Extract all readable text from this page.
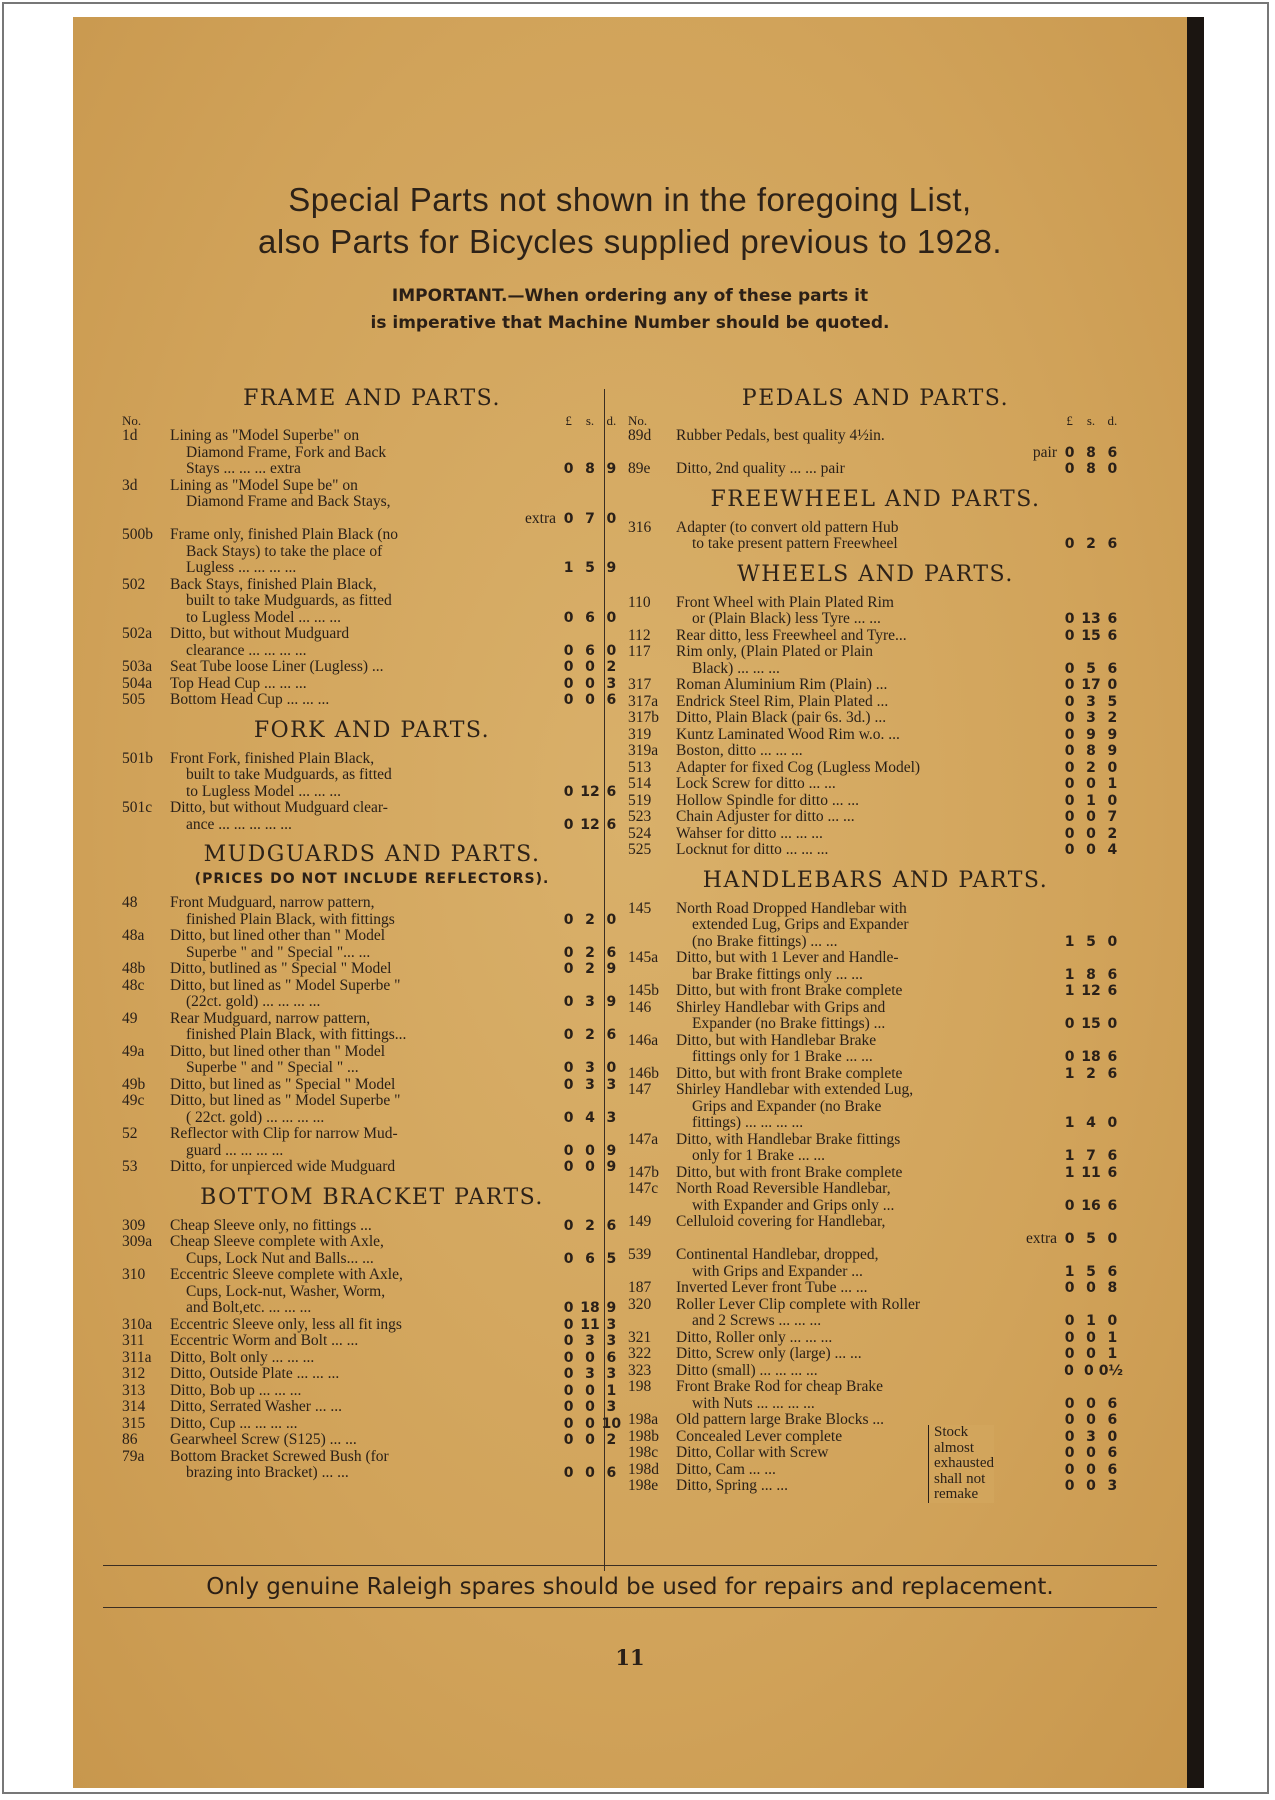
Special Parts not shown in the foregoing List,
also Parts for Bicycles supplied previous to 1928.
IMPORTANT.—When ordering any of these parts it
is imperative that Machine Number should be quoted.
FRAME AND PARTS.
No.	£	s. d.
1d	Lining as "Model Superbe" on
Diamond Frame, Fork and Back
Stays ... ... ... extra	0 8 9
3d	Lining as "Model Supe be" on
Diamond Frame and Back Stays,
extra 0 7 0
500b	Frame only, finished Plain Black (no
Back Stays) to take the place of
Lugless ... ... ... ...	1 5 9
502	Back Stays, finished Plain Black,
built to take Mudguards, as fitted
to Lugless Model ... ... ...	0 6 0
502a	Ditto, but without Mudguard
clearance ... ... ... ...	0 6 0
503a	Seat Tube loose Liner (Lugless) ...	0 0 2
504a	Top Head Cup ... ... ...	0 0 3
505	Bottom Head Cup ... ... ...	0 0 6
FORK AND PARTS.
501b	Front Fork, finished Plain Black,
built to take Mudguards, as fitted
to Lugless Model ... ... ...	0 12 6
501c	Ditto, but without Mudguard clear-
ance ... ... ... ... ...	0 12 6
MUDGUARDS AND PARTS.
(PRICES DO NOT INCLUDE REFLECTORS).
48	Front Mudguard, narrow pattern,
finished Plain Black, with fittings	0 2 0
48a	Ditto, but lined other than " Model
Superbe " and " Special "... ...	0 2 6
48b	Ditto, butlined as " Special " Model	0 2 9
48c	Ditto, but lined as " Model Superbe "
(22ct. gold) ... ... ... ...	0 3 9
49	Rear Mudguard, narrow pattern,
finished Plain Black, with fittings...	0 2 6
49a	Ditto, but lined other than " Model
Superbe " and " Special " ...	0 3 0
49b	Ditto, but lined as " Special " Model	0 3 3
49c	Ditto, but lined as " Model Superbe "
( 22ct. gold) ... ... ... ...	0 4 3
52	Reflector with Clip for narrow Mud-
guard ... ... ... ...	0 0 9
53	Ditto, for unpierced wide Mudguard	0 0 9
BOTTOM BRACKET PARTS.
309	Cheap Sleeve only, no fittings ...	0 2 6
309a	Cheap Sleeve complete with Axle,
Cups, Lock Nut and Balls... ...	0 6 5
310	Eccentric Sleeve complete with Axle,
Cups, Lock-nut, Washer, Worm,
and Bolt,etc. ... ... ...	0 18 9
310a	Eccentric Sleeve only, less all fit ings	0 11 3
311	Eccentric Worm and Bolt ... ...	0 3 3
311a	Ditto, Bolt only ... ... ...	0 0 6
312	Ditto, Outside Plate ... ... ...	0 3 3
313	Ditto, Bob up ... ... ...	0 0 1
314	Ditto, Serrated Washer ... ...	0 0 3
315	Ditto, Cup ... ... ... ...	0 0 10
86	Gearwheel Screw (S125) ... ...	0 0 2
79a	Bottom Bracket Screwed Bush (for
brazing into Bracket) ... ...	0 0 6
PEDALS AND PARTS.
No.	£	s. d.
89d	Rubber Pedals, best quality 4½in.
pair 0 8 6
89e	Ditto, 2nd quality ... ... pair	0 8 0
FREEWHEEL AND PARTS.
316	Adapter (to convert old pattern Hub
to take present pattern Freewheel	0 2 6
WHEELS AND PARTS.
110	Front Wheel with Plain Plated Rim
or (Plain Black) less Tyre ... ...	0 13 6
112	Rear ditto, less Freewheel and Tyre...	0 15 6
117	Rim only, (Plain Plated or Plain
Black) ... ... ...	0 5 6
317	Roman Aluminium Rim (Plain) ...	0 17 0
317a	Endrick Steel Rim, Plain Plated ...	0 3 5
317b	Ditto, Plain Black (pair 6s. 3d.) ...	0 3 2
319	Kuntz Laminated Wood Rim w.o. ...	0 9 9
319a	Boston, ditto ... ... ...	0 8 9
513	Adapter for fixed Cog (Lugless Model)	0 2 0
514	Lock Screw for ditto ... ...	0 0 1
519	Hollow Spindle for ditto ... ...	0 1 0
523	Chain Adjuster for ditto ... ...	0 0 7
524	Wahser for ditto ... ... ...	0 0 2
525	Locknut for ditto ... ... ...	0 0 4
HANDLEBARS AND PARTS.
145	North Road Dropped Handlebar with
extended Lug, Grips and Expander
(no Brake fittings) ... ...	1 5 0
145a	Ditto, but with 1 Lever and Handle-
bar Brake fittings only ... ...	1 8 6
145b	Ditto, but with front Brake complete	1 12 6
146	Shirley Handlebar with Grips and
Expander (no Brake fittings) ...	0 15 0
146a	Ditto, but with Handlebar Brake
fittings only for 1 Brake ... ...	0 18 6
146b	Ditto, but with front Brake complete	1 2 6
147	Shirley Handlebar with extended Lug,
Grips and Expander (no Brake
fittings) ... ... ... ...	1 4 0
147a	Ditto, with Handlebar Brake fittings
only for 1 Brake ... ...	1 7 6
147b	Ditto, but with front Brake complete	1 11 6
147c	North Road Reversible Handlebar,
with Expander and Grips only ...	0 16 6
149	Celluloid covering for Handlebar,
extra 0 5 0
539	Continental Handlebar, dropped,
with Grips and Expander ...	1 5 6
187	Inverted Lever front Tube ... ...	0 0 8
320	Roller Lever Clip complete with Roller
and 2 Screws ... ... ...	0 1 0
321	Ditto, Roller only ... ... ...	0 0 1
322	Ditto, Screw only (large) ... ...	0 0 1
323	Ditto (small) ... ... ... ...	0 0 0½
198	Front Brake Rod for cheap Brake
with Nuts ... ... ... ...	0 0 6
198a	Old pattern large Brake Blocks ...	0 0 6
198b	Concealed Lever complete	0 3 0
198c	Ditto, Collar with Screw	0 0 6
198d	Ditto, Cam ... ...	0 0 6
198e	Ditto, Spring ... ...	0 0 3
Stock
almost
exhausted
shall not
remake
Only genuine Raleigh spares should be used for repairs and replacement.
11
